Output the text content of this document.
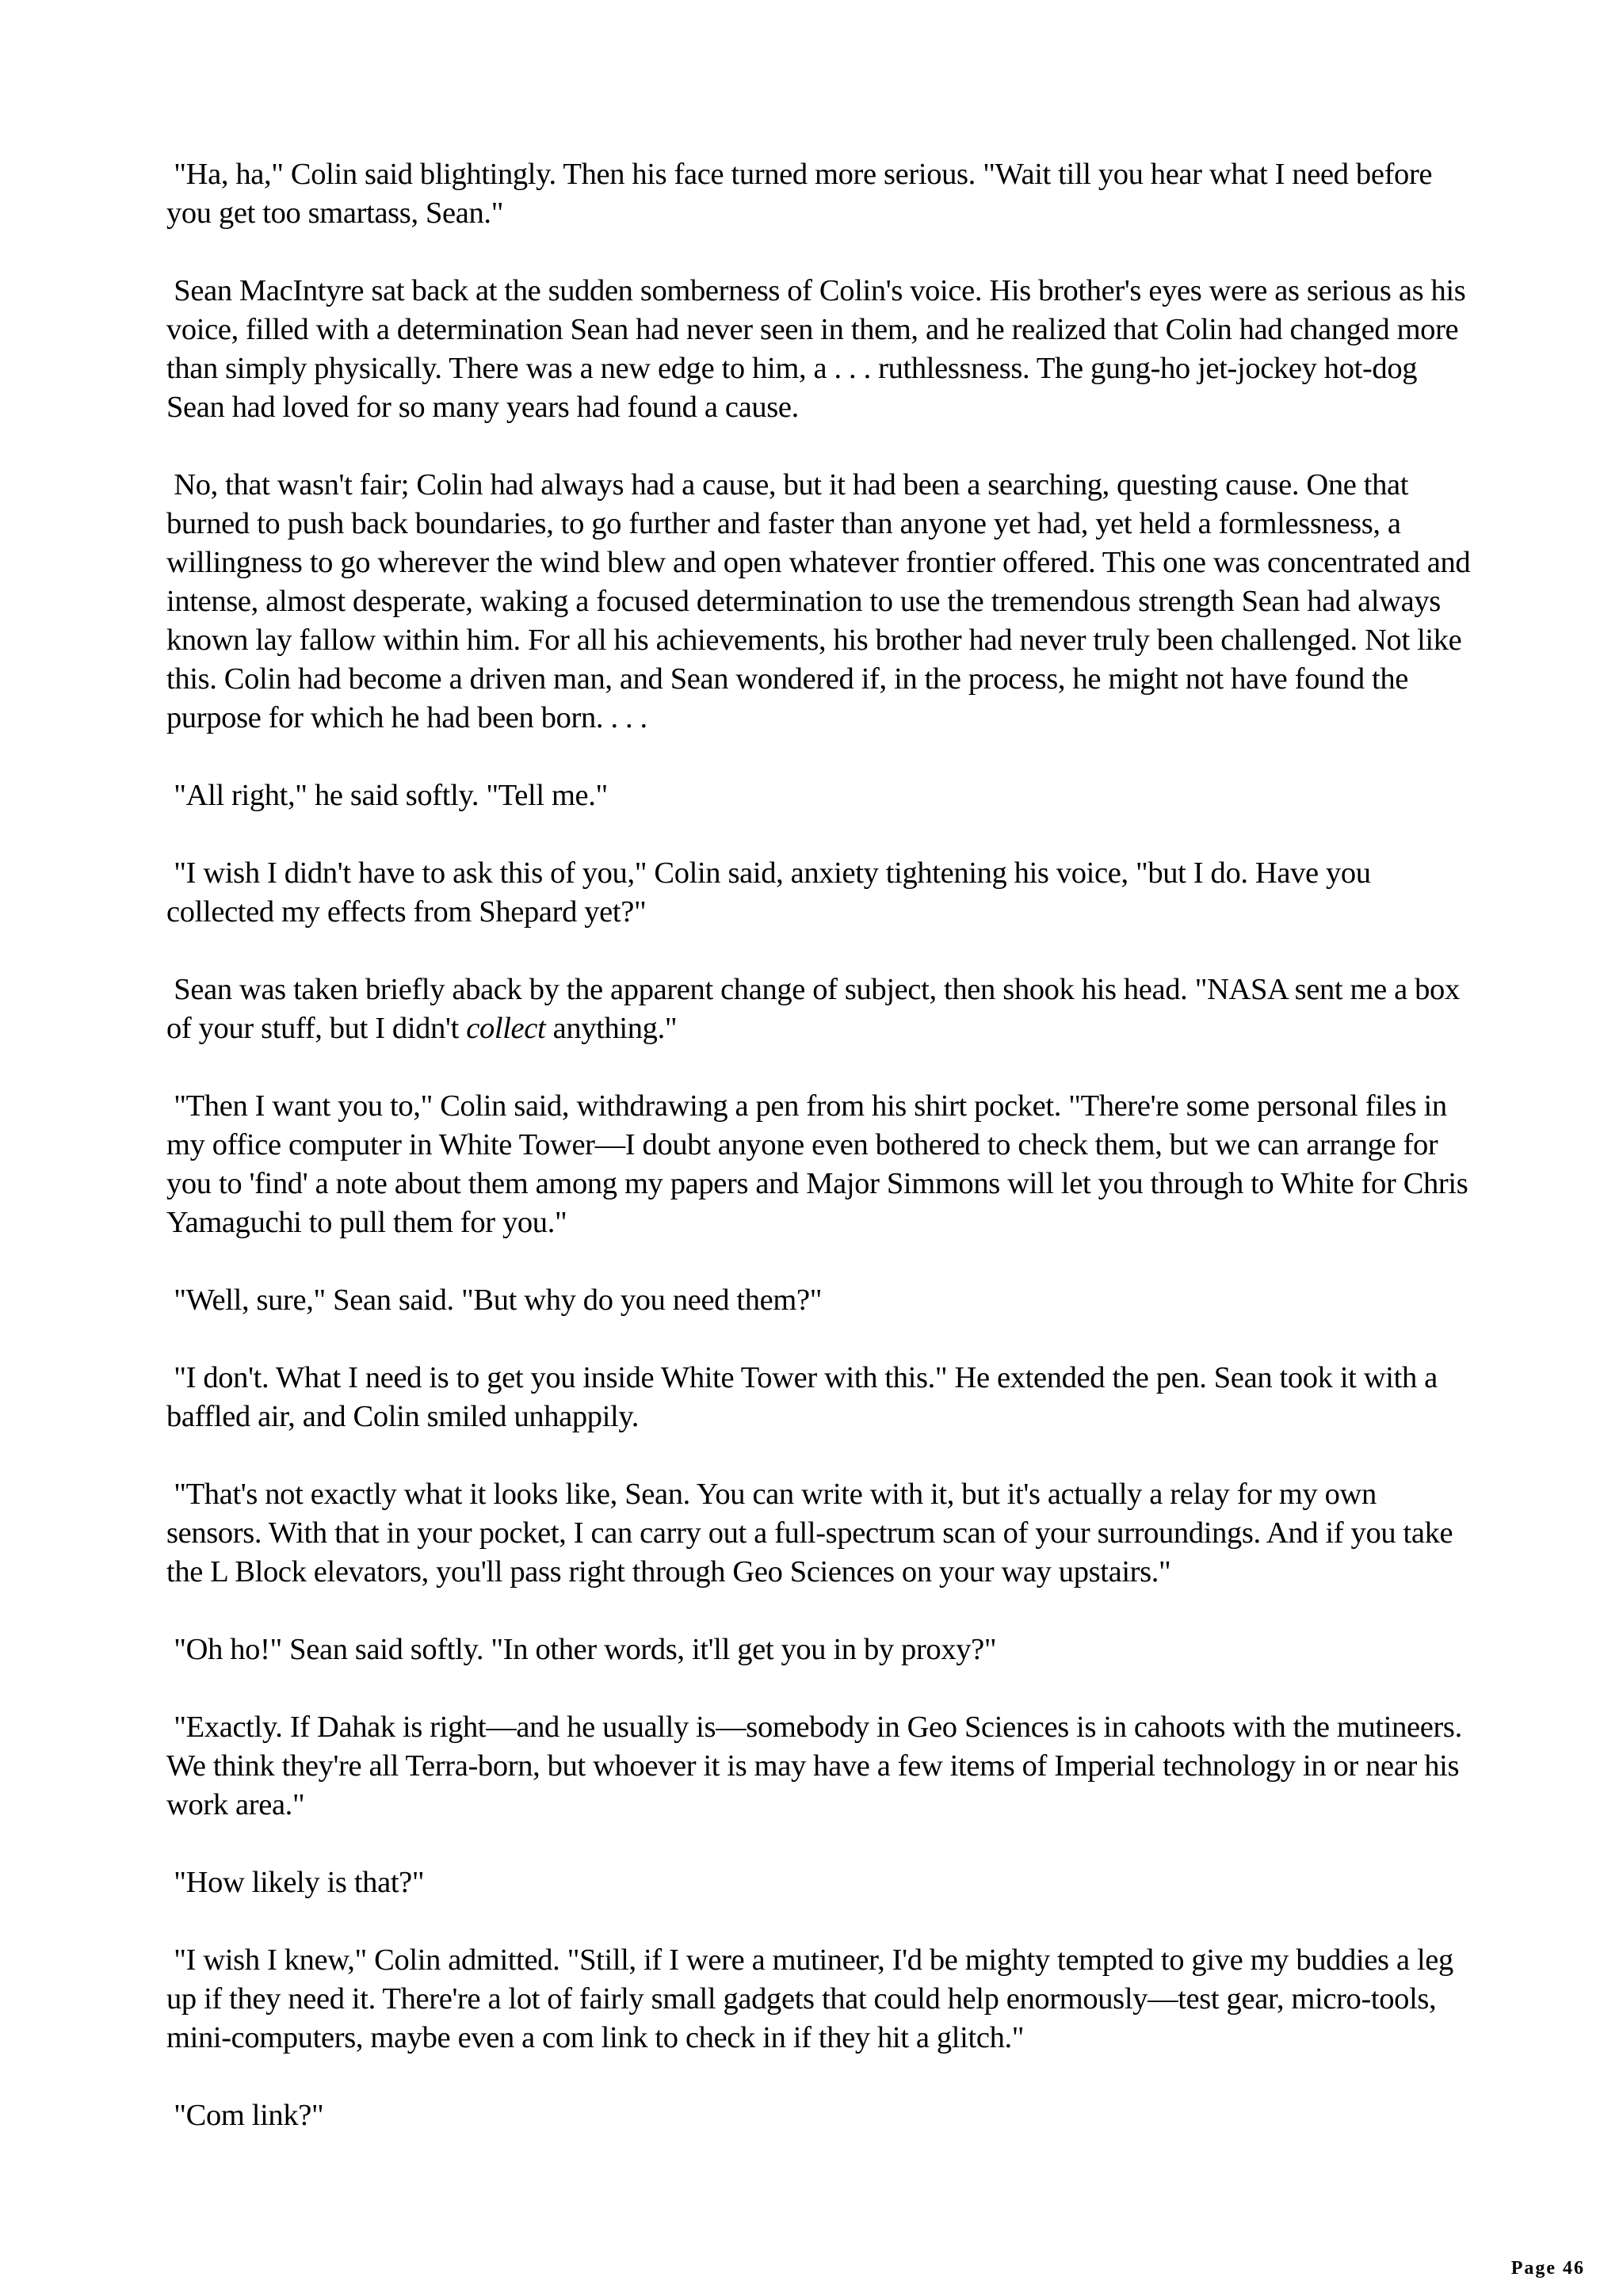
"Ha, ha," Colin said blightingly. Then his face turned more serious. "Wait till you hear what I need before you get too smartass, Sean."

Sean MacIntyre sat back at the sudden somberness of Colin's voice. His brother's eyes were as serious as his voice, filled with a determination Sean had never seen in them, and he realized that Colin had changed more than simply physically. There was a new edge to him, a . . . ruthlessness. The gung-ho jet-jockey hot-dog Sean had loved for so many years had found a cause.

No, that wasn't fair; Colin had always had a cause, but it had been a searching, questing cause. One that burned to push back boundaries, to go further and faster than anyone yet had, yet held a formlessness, a willingness to go wherever the wind blew and open whatever frontier offered. This one was concentrated and intense, almost desperate, waking a focused determination to use the tremendous strength Sean had always known lay fallow within him. For all his achievements, his brother had never truly been challenged. Not like this. Colin had become a driven man, and Sean wondered if, in the process, he might not have found the purpose for which he had been born. . . .

"All right," he said softly. "Tell me."

"I wish I didn't have to ask this of you," Colin said, anxiety tightening his voice, "but I do. Have you collected my effects from Shepard yet?"

Sean was taken briefly aback by the apparent change of subject, then shook his head. "NASA sent me a box of your stuff, but I didn't collect anything."

"Then I want you to," Colin said, withdrawing a pen from his shirt pocket. "There're some personal files in my office computer in White Tower—I doubt anyone even bothered to check them, but we can arrange for you to 'find' a note about them among my papers and Major Simmons will let you through to White for Chris Yamaguchi to pull them for you."

"Well, sure," Sean said. "But why do you need them?"

"I don't. What I need is to get you inside White Tower with this." He extended the pen. Sean took it with a baffled air, and Colin smiled unhappily.

"That's not exactly what it looks like, Sean. You can write with it, but it's actually a relay for my own sensors. With that in your pocket, I can carry out a full-spectrum scan of your surroundings. And if you take the L Block elevators, you'll pass right through Geo Sciences on your way upstairs."

"Oh ho!" Sean said softly. "In other words, it'll get you in by proxy?"

"Exactly. If Dahak is right—and he usually is—somebody in Geo Sciences is in cahoots with the mutineers. We think they're all Terra-born, but whoever it is may have a few items of Imperial technology in or near his work area."

"How likely is that?"

"I wish I knew," Colin admitted. "Still, if I were a mutineer, I'd be mighty tempted to give my buddies a leg up if they need it. There're a lot of fairly small gadgets that could help enormously—test gear, micro-tools, mini-computers, maybe even a com link to check in if they hit a glitch."

"Com link?"

Page 46
